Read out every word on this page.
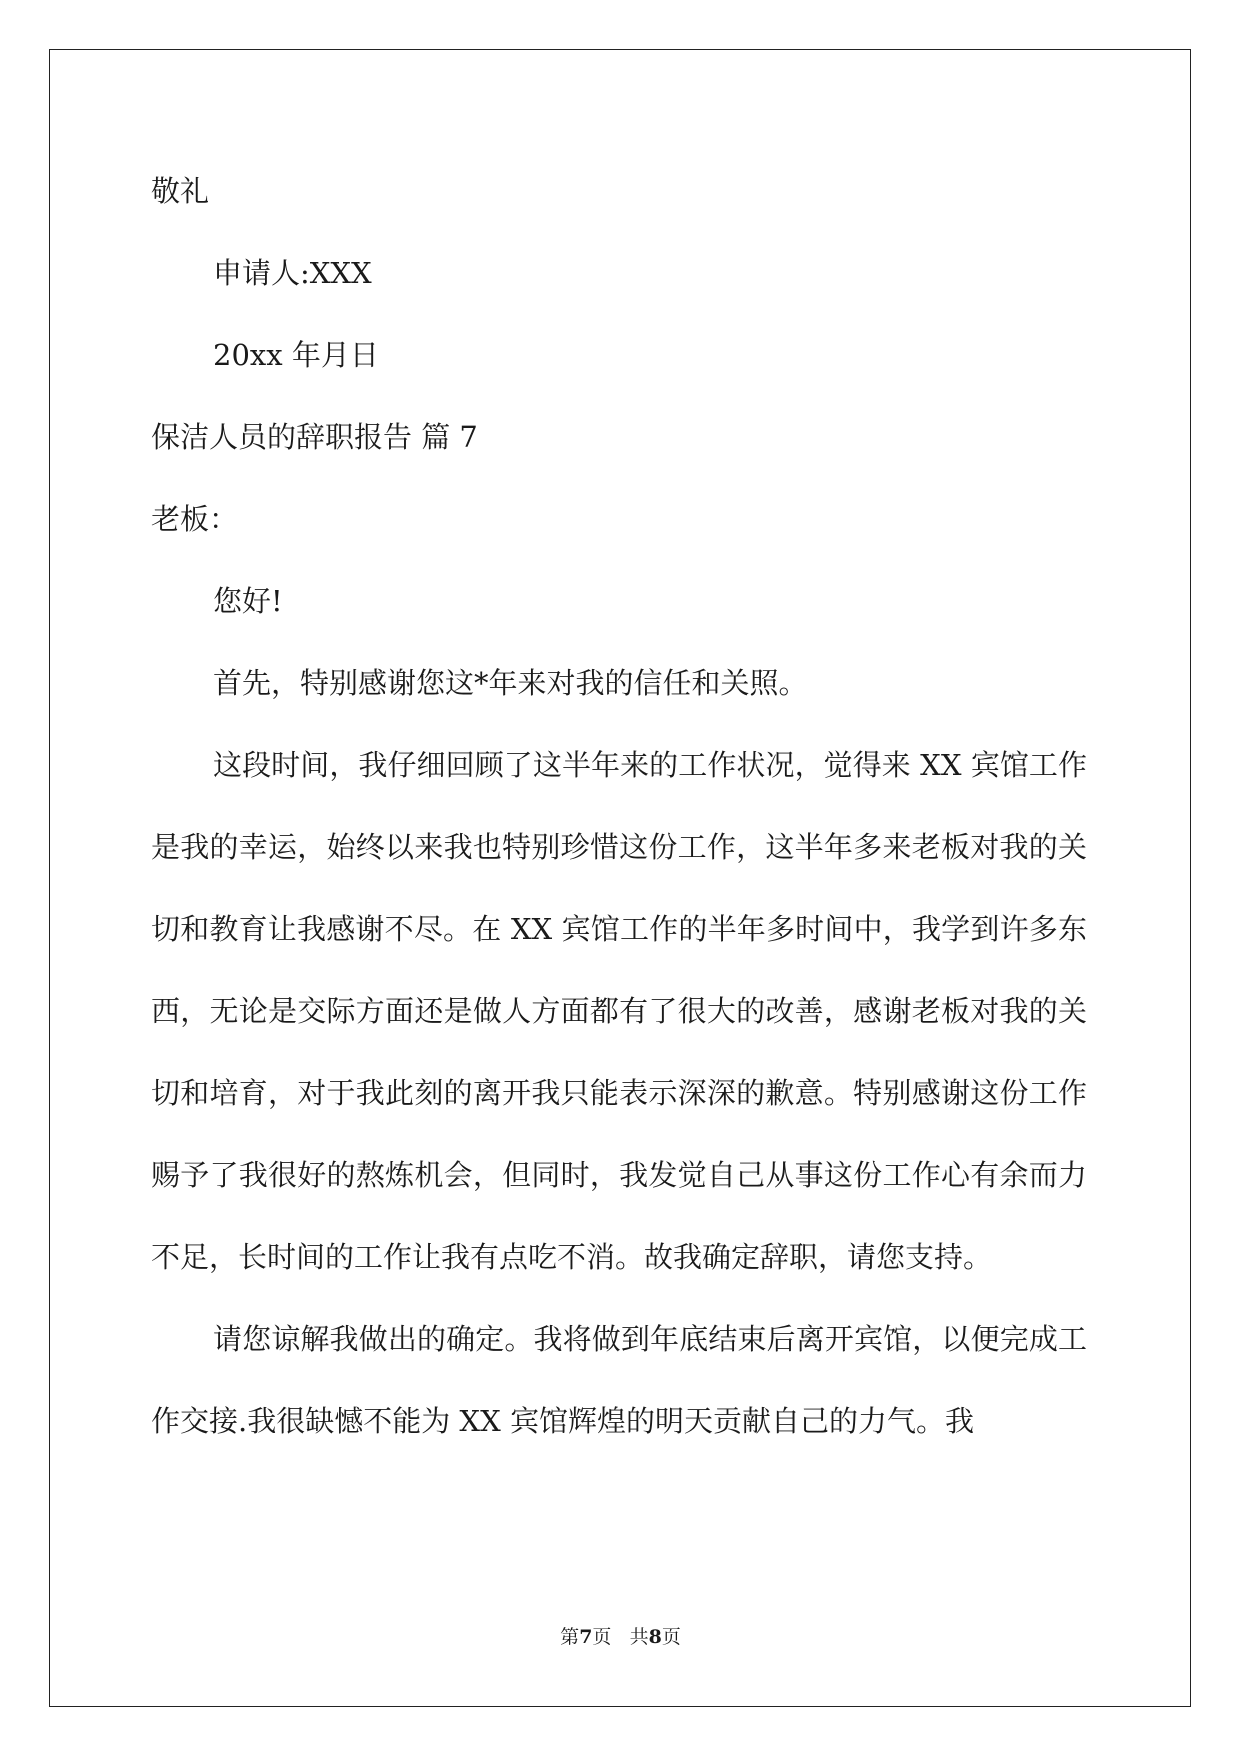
敬礼

申请人:XXX

20xx 年月日

保洁人员的辞职报告 篇 7

老板：

您好!

首先，特别感谢您这*年来对我的信任和关照。

这段时间，我仔细回顾了这半年来的工作状况，觉得来 XX 宾馆工作是我的幸运，始终以来我也特别珍惜这份工作，这半年多来老板对我的关切和教育让我感谢不尽。在 XX 宾馆工作的半年多时间中，我学到许多东西，无论是交际方面还是做人方面都有了很大的改善，感谢老板对我的关切和培育，对于我此刻的离开我只能表示深深的歉意。特别感谢这份工作赐予了我很好的熬炼机会，但同时，我发觉自己从事这份工作心有余而力不足，长时间的工作让我有点吃不消。故我确定辞职，请您支持。

请您谅解我做出的确定。我将做到年底结束后离开宾馆，以便完成工作交接.我很缺憾不能为 XX 宾馆辉煌的明天贡献自己的力气。我

第7页 共8页
